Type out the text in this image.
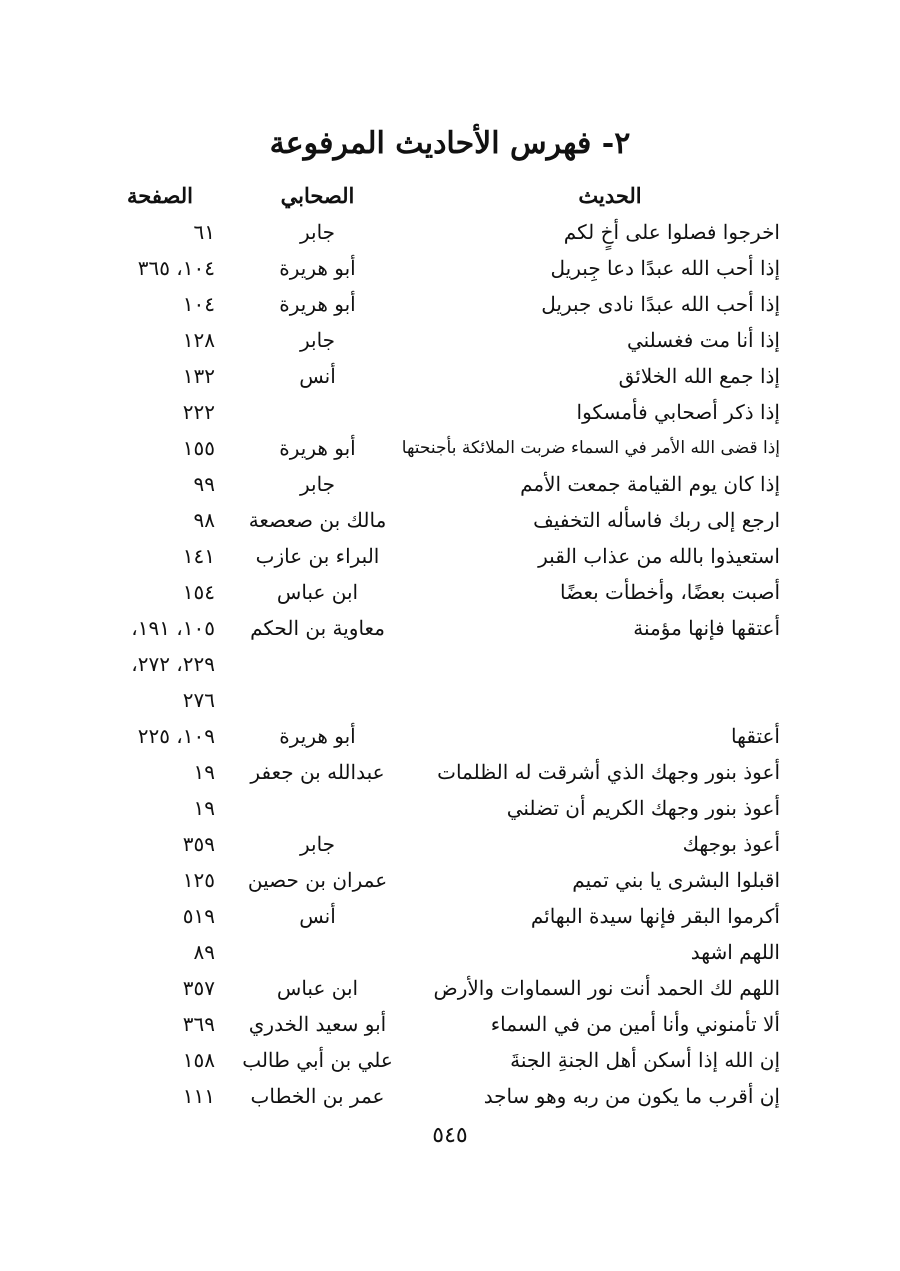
٢- فهرس الأحاديث المرفوعة
الحديث
الصحابي
الصفحة
اخرجوا فصلوا على أخٍ لكم
جابر
٦١
إذا أحب الله عبدًا دعا جِبريل
أبو هريرة
١٠٤، ٣٦٥
إذا أحب الله عبدًا نادى جبريل
أبو هريرة
١٠٤
إذا أنا مت فغسلني
جابر
١٢٨
إذا جمع الله الخلائق
أنس
١٣٢
إذا ذكر أصحابي فأمسكوا
٢٢٢
إذا قضى الله الأمر في السماء ضربت الملائكة بأجنحتها
أبو هريرة
١٥٥
إذا كان يوم القيامة جمعت الأمم
جابر
٩٩
ارجع إلى ربك فاسأله التخفيف
مالك بن صعصعة
٩٨
استعيذوا بالله من عذاب القبر
البراء بن عازب
١٤١
أصبت بعضًا، وأخطأت بعضًا
ابن عباس
١٥٤
أعتقها فإنها مؤمنة
معاوية بن الحكم
١٠٥، ١٩١،
٢٢٩، ٢٧٢،
٢٧٦
أعتقها
أبو هريرة
١٠٩، ٢٢٥
أعوذ بنور وجهك الذي أشرقت له الظلمات
عبدالله بن جعفر
١٩
أعوذ بنور وجهك الكريم أن تضلني
١٩
أعوذ بوجهك
جابر
٣٥٩
اقبلوا البشرى يا بني تميم
عمران بن حصين
١٢٥
أكرموا البقر فإنها سيدة البهائم
أنس
٥١٩
اللهم اشهد
٨٩
اللهم لك الحمد أنت نور السماوات والأرض
ابن عباس
٣٥٧
ألا تأمنوني وأنا أمين من في السماء
أبو سعيد الخدري
٣٦٩
إن الله إذا أسكن أهل الجنةِ الجنةَ
علي بن أبي طالب
١٥٨
إن أقرب ما يكون من ربه وهو ساجد
عمر بن الخطاب
١١١
٥٤٥
